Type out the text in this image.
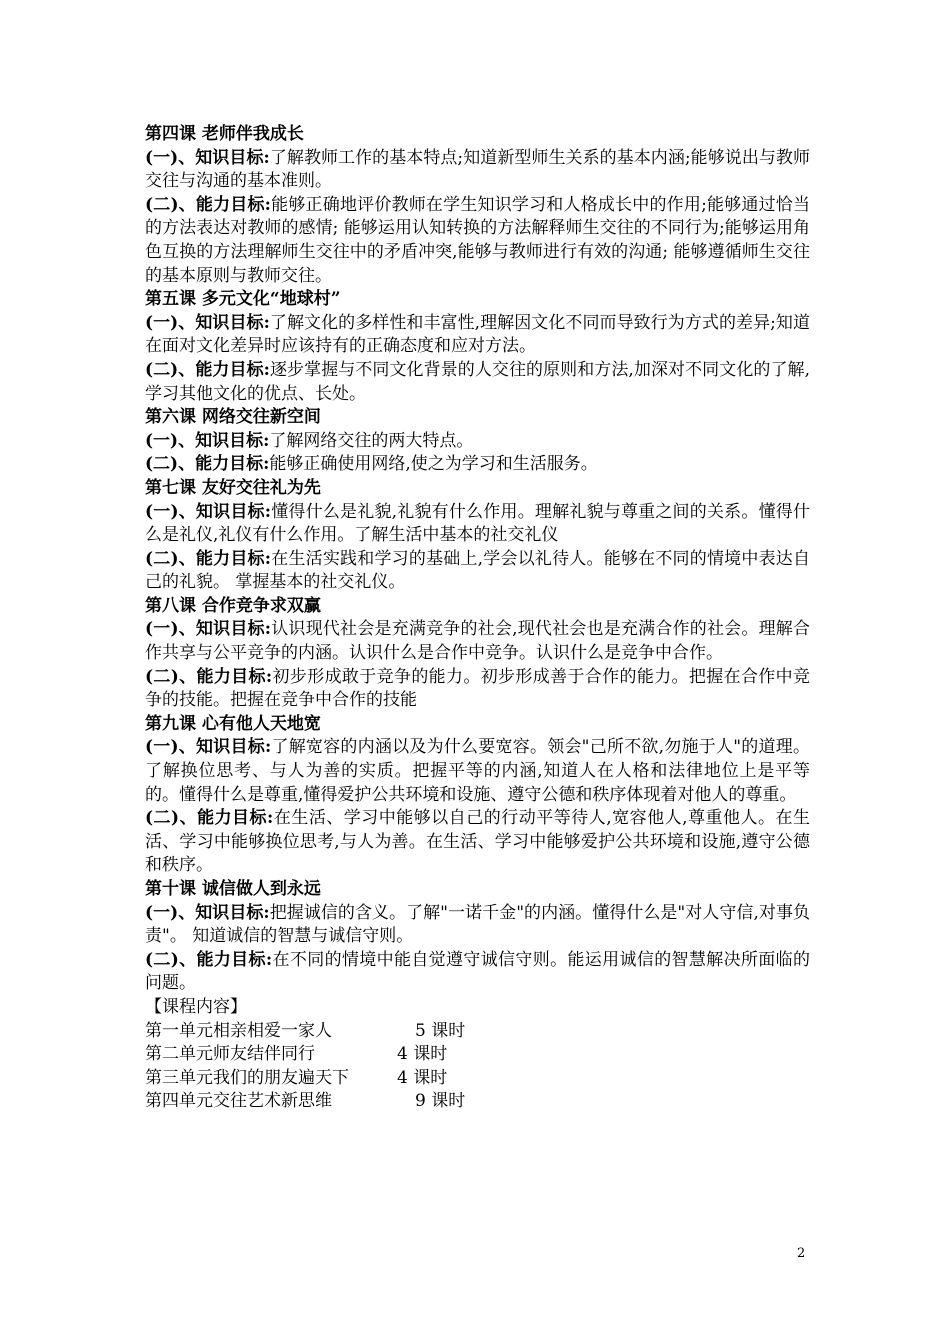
第四课 老师伴我成长

(一)、知识目标:了解教师工作的基本特点;知道新型师生关系的基本内涵;能够说出与教师交往与沟通的基本准则。

(二)、能力目标:能够正确地评价教师在学生知识学习和人格成长中的作用;能够通过恰当的方法表达对教师的感情; 能够运用认知转换的方法解释师生交往的不同行为;能够运用角色互换的方法理解师生交往中的矛盾冲突,能够与教师进行有效的沟通; 能够遵循师生交往的基本原则与教师交往。

第五课 多元文化“地球村”

(一)、知识目标:了解文化的多样性和丰富性,理解因文化不同而导致行为方式的差异;知道在面对文化差异时应该持有的正确态度和应对方法。

(二)、能力目标:逐步掌握与不同文化背景的人交往的原则和方法,加深对不同文化的了解,学习其他文化的优点、长处。

第六课 网络交往新空间

(一)、知识目标:了解网络交往的两大特点。

(二)、能力目标:能够正确使用网络,使之为学习和生活服务。

第七课 友好交往礼为先

(一)、知识目标:懂得什么是礼貌,礼貌有什么作用。理解礼貌与尊重之间的关系。懂得什么是礼仪,礼仪有什么作用。了解生活中基本的社交礼仪

(二)、能力目标:在生活实践和学习的基础上,学会以礼待人。能够在不同的情境中表达自己的礼貌。 掌握基本的社交礼仪。

第八课 合作竞争求双赢

(一)、知识目标:认识现代社会是充满竞争的社会,现代社会也是充满合作的社会。理解合作共享与公平竞争的内涵。认识什么是合作中竞争。认识什么是竞争中合作。

(二)、能力目标:初步形成敢于竞争的能力。初步形成善于合作的能力。把握在合作中竞争的技能。把握在竞争中合作的技能

第九课 心有他人天地宽

(一)、知识目标:了解宽容的内涵以及为什么要宽容。领会"己所不欲,勿施于人"的道理。了解换位思考、与人为善的实质。把握平等的内涵,知道人在人格和法律地位上是平等的。懂得什么是尊重,懂得爱护公共环境和设施、遵守公德和秩序体现着对他人的尊重。

(二)、能力目标:在生活、学习中能够以自己的行动平等待人,宽容他人,尊重他人。在生活、学习中能够换位思考,与人为善。在生活、学习中能够爱护公共环境和设施,遵守公德和秩序。

第十课 诚信做人到永远

(一)、知识目标:把握诚信的含义。了解"一诺千金"的内涵。懂得什么是"对人守信,对事负责"。 知道诚信的智慧与诚信守则。

(二)、能力目标:在不同的情境中能自觉遵守诚信守则。能运用诚信的智慧解决所面临的问题。

【课程内容】

第一单元相亲相爱一家人	5 课时

第二单元师友结伴同行	4 课时

第三单元我们的朋友遍天下	4 课时

第四单元交往艺术新思维	9 课时

2
